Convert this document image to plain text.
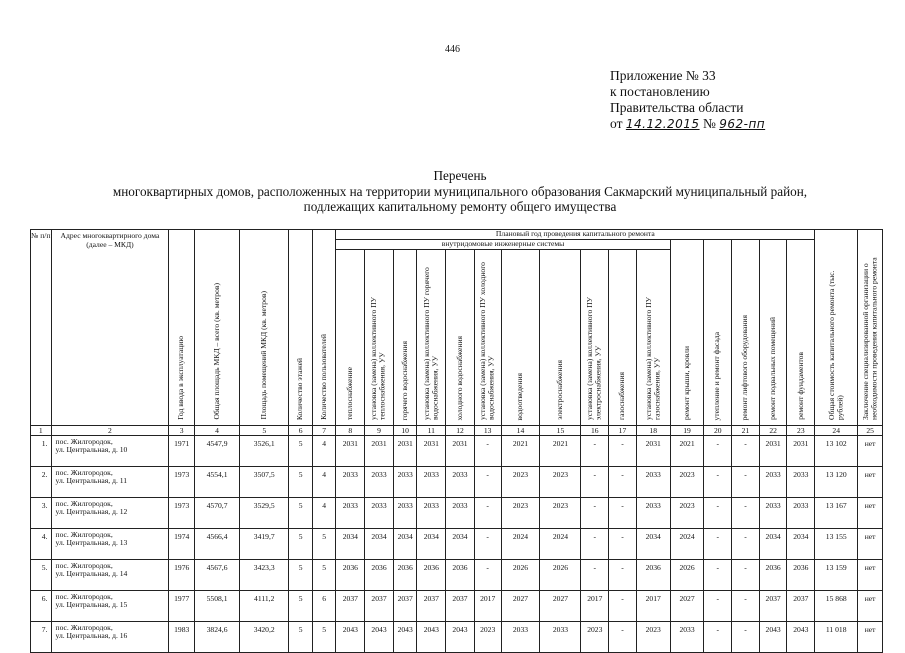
446
Приложение № 33
к постановлению
Правительства области
от 14.12.2015 № 962-пп
Перечень
многоквартирных домов, расположенных на территории муниципального образования Сакмарский муниципальный район,
подлежащих капитальному ремонту общего имущества
№ п/п	Адрес многоквартирного дома (далее – МКД)	Год ввода в эксплуатацию	Общая площадь МКД – всего (кв. метров)	Площадь помещений МКД (кв. метров)	Количество этажей	Количество пользователей	Плановый год проведения капитального ремонта																Общая стоимость капитального ремонта (тыс. рублей)	Заключение специализированной организации о необходимости проведения капитального ремонта
							внутридомовые инженерные системы											ремонт крыши, кровли	утепление и ремонт фасада	ремонт лифтового оборудования	ремонт подвальных помещений	ремонт фундаментов		
							теплоснабжение	установка (замена) коллективного ПУ теплоснабжения, УУ	горячего водоснабжения	установка (замена) коллективного ПУ горячего водоснабжения, УУ	холодного водоснабжения	установка (замена) коллективного ПУ холодного водоснабжения, УУ	водоотведения	электроснабжения	установка (замена) коллективного ПУ электроснабжения, УУ	газоснабжения	установка (замена) коллективного ПУ газоснабжения, УУ							
1	2	3	4	5	6	7	8	9	10	11	12	13	14	15	16	17	18	19	20	21	22	23	24	25
1.	пос. Жилгородок,
ул. Центральная, д. 10	1971	4547,9	3526,1	5	4	2031	2031	2031	2031	2031	-	2021	2021	-	-	2031	2021	-	-	2031	2031	13 102	нет
2.	пос. Жилгородок,
ул. Центральная, д. 11	1973	4554,1	3507,5	5	4	2033	2033	2033	2033	2033	-	2023	2023	-	-	2033	2023	-	-	2033	2033	13 120	нет
3.	пос. Жилгородок,
ул. Центральная, д. 12	1973	4570,7	3529,5	5	4	2033	2033	2033	2033	2033	-	2023	2023	-	-	2033	2023	-	-	2033	2033	13 167	нет
4.	пос. Жилгородок,
ул. Центральная, д. 13	1974	4566,4	3419,7	5	5	2034	2034	2034	2034	2034	-	2024	2024	-	-	2034	2024	-	-	2034	2034	13 155	нет
5.	пос. Жилгородок,
ул. Центральная, д. 14	1976	4567,6	3423,3	5	5	2036	2036	2036	2036	2036	-	2026	2026	-	-	2036	2026	-	-	2036	2036	13 159	нет
6.	пос. Жилгородок,
ул. Центральная, д. 15	1977	5508,1	4111,2	5	6	2037	2037	2037	2037	2037	2017	2027	2027	2017	-	2017	2027	-	-	2037	2037	15 868	нет
7.	пос. Жилгородок,
ул. Центральная, д. 16	1983	3824,6	3420,2	5	5	2043	2043	2043	2043	2043	2023	2033	2033	2023	-	2023	2033	-	-	2043	2043	11 018	нет
